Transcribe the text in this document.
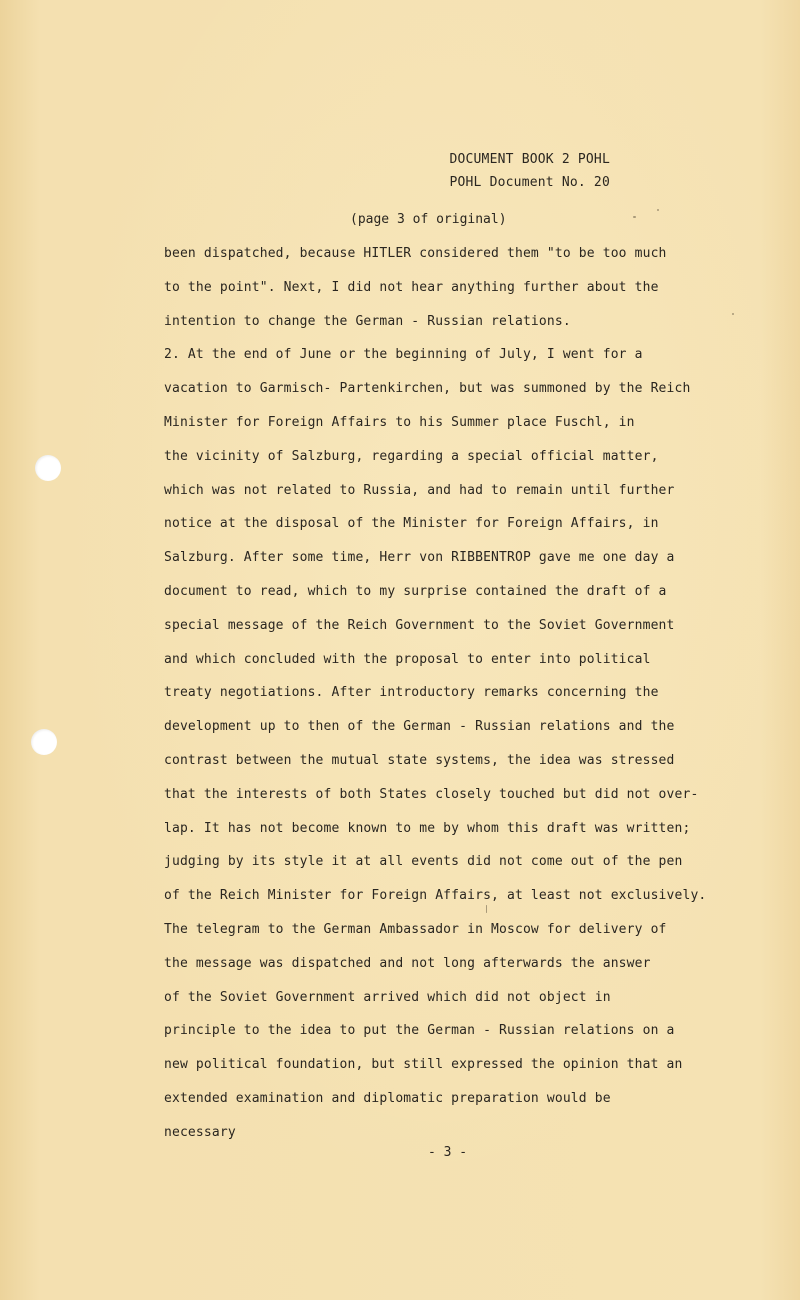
DOCUMENT BOOK 2 POHL
POHL Document No. 20
(page 3 of original)
been dispatched, because HITLER considered them "to be too much
to the point". Next, I did not hear anything further about the
intention to change the German - Russian relations.
2. At the end of June or the beginning of July, I went for a
vacation to Garmisch- Partenkirchen, but was summoned by the Reich
Minister for Foreign Affairs to his Summer place Fuschl, in
the vicinity of Salzburg, regarding a special official matter,
which was not related to Russia, and had to remain until further
notice at the disposal of the Minister for Foreign Affairs, in
Salzburg. After some time, Herr von RIBBENTROP gave me one day a
document to read, which to my surprise contained the draft of a
special message of the Reich Government to the Soviet Government
and which concluded with the proposal to enter into political
treaty negotiations. After introductory remarks concerning the
development up to then of the German - Russian relations and the
contrast between the mutual state systems, the idea was stressed
that the interests of both States closely touched but did not over-
lap. It has not become known to me by whom this draft was written;
judging by its style it at all events did not come out of the pen
of the Reich Minister for Foreign Affairs, at least not exclusively.
The telegram to the German Ambassador in Moscow for delivery of
the message was dispatched and not long afterwards the answer
of the Soviet Government arrived which did not object in
principle to the idea to put the German - Russian relations on a
new political foundation, but still expressed the opinion that an
extended examination and diplomatic preparation would be
necessary
- 3 -
